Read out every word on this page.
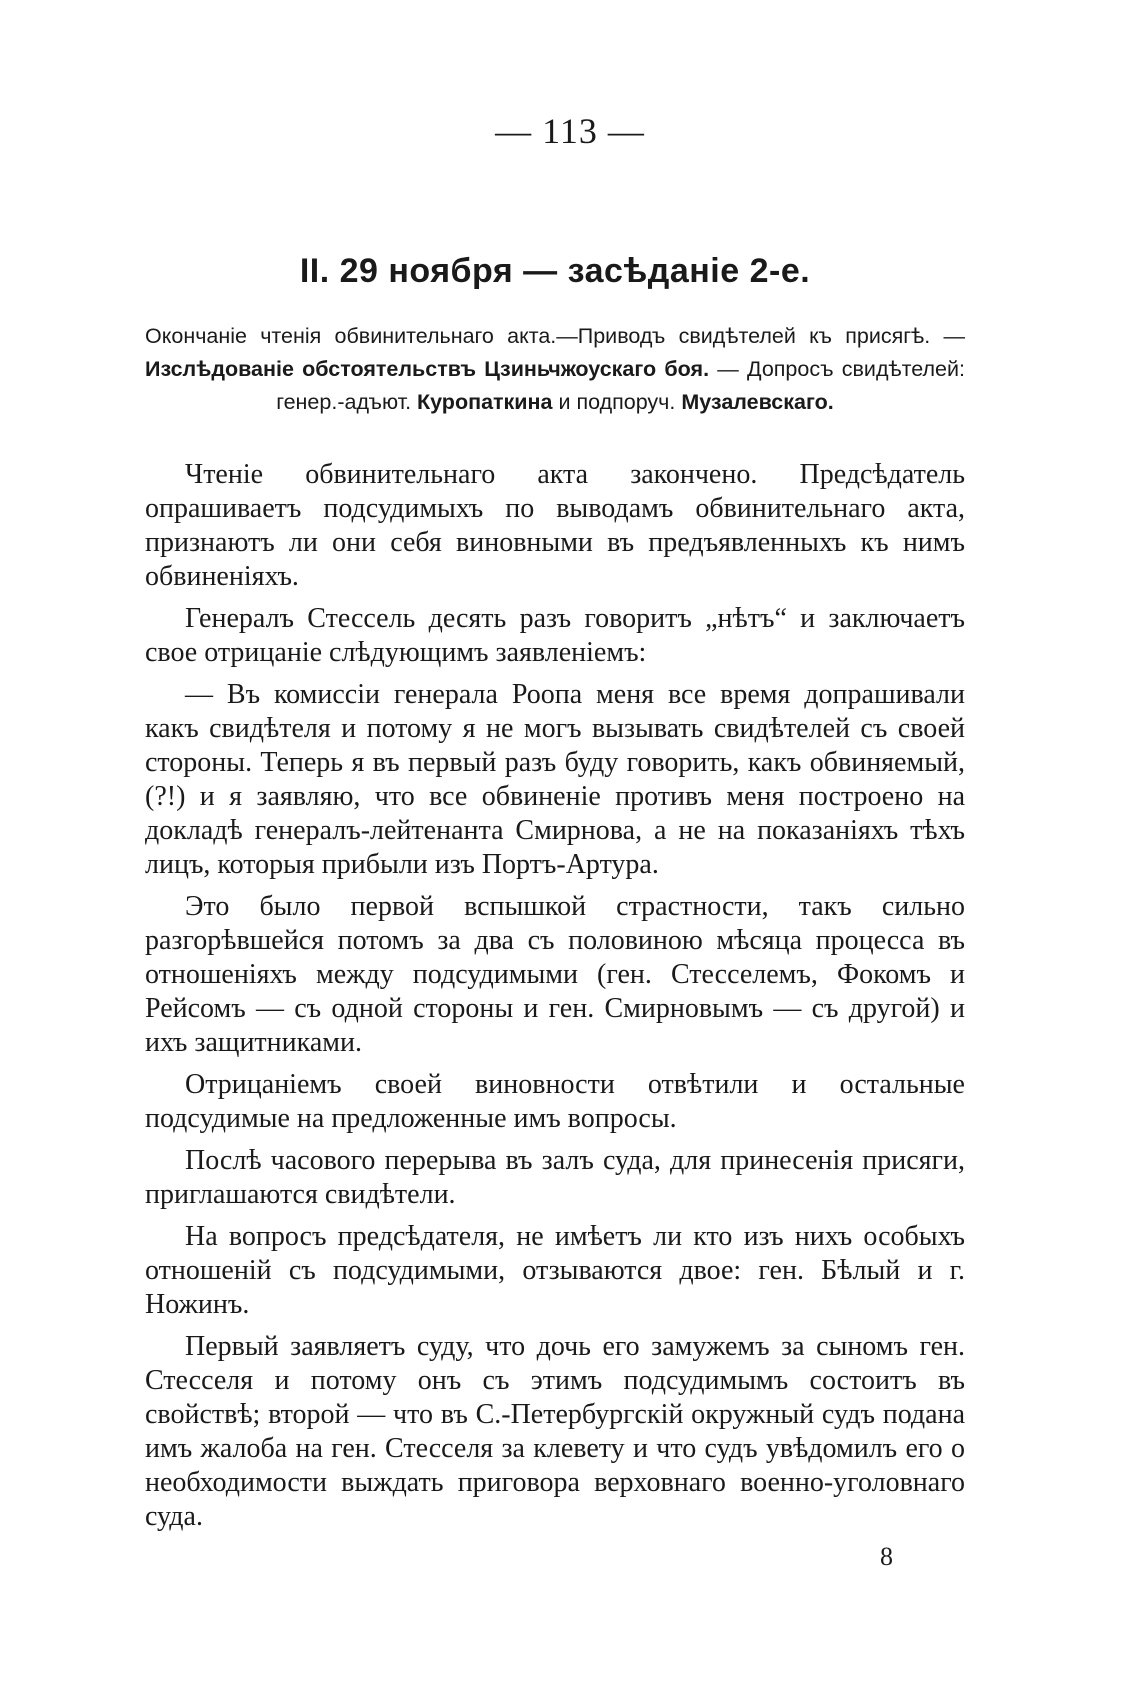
— 113 —
II. 29 ноября — засѣданіе 2-е.
Окончаніе чтенія обвинительнаго акта.—Приводъ свидѣтелей къ присягѣ. — Изслѣдованіе обстоятельствъ Цзиньчжоускаго боя. — Допросъ свидѣтелей: генер.-адъют. Куропаткина и подпоруч. Музалевскаго.

Чтеніе обвинительнаго акта закончено. Предсѣдатель опрашиваетъ подсудимыхъ по выводамъ обвинительнаго акта, признаютъ ли они себя виновными въ предъявленныхъ къ нимъ обвиненіяхъ.

Генералъ Стессель десять разъ говоритъ „нѣтъ“ и заключаетъ свое отрицаніе слѣдующимъ заявленіемъ:

— Въ комиссіи генерала Роопа меня все время допрашивали какъ свидѣтеля и потому я не могъ вызывать свидѣтелей съ своей стороны. Теперь я въ первый разъ буду говорить, какъ обвиняемый, (?!) и я заявляю, что все обвиненіе противъ меня построено на докладѣ генералъ-лейтенанта Смирнова, а не на показаніяхъ тѣхъ лицъ, которыя прибыли изъ Портъ-Артура.

Это было первой вспышкой страстности, такъ сильно разгорѣвшейся потомъ за два съ половиною мѣсяца процесса въ отношеніяхъ между подсудимыми (ген. Стесселемъ, Фокомъ и Рейсомъ — съ одной стороны и ген. Смирновымъ — съ другой) и ихъ защитниками.

Отрицаніемъ своей виновности отвѣтили и остальные подсудимые на предложенные имъ вопросы.

Послѣ часового перерыва въ залъ суда, для принесенія присяги, приглашаются свидѣтели.

На вопросъ предсѣдателя, не имѣетъ ли кто изъ нихъ особыхъ отношеній съ подсудимыми, отзываются двое: ген. Бѣлый и г. Ножинъ.

Первый заявляетъ суду, что дочь его замужемъ за сыномъ ген. Стесселя и потому онъ съ этимъ подсудимымъ состоитъ въ свойствѣ; второй — что въ С.-Петербургскій окружный судъ подана имъ жалоба на ген. Стесселя за клевету и что судъ увѣдомилъ его о необходимости выждать приговора верховнаго военно-уголовнаго суда.

8
